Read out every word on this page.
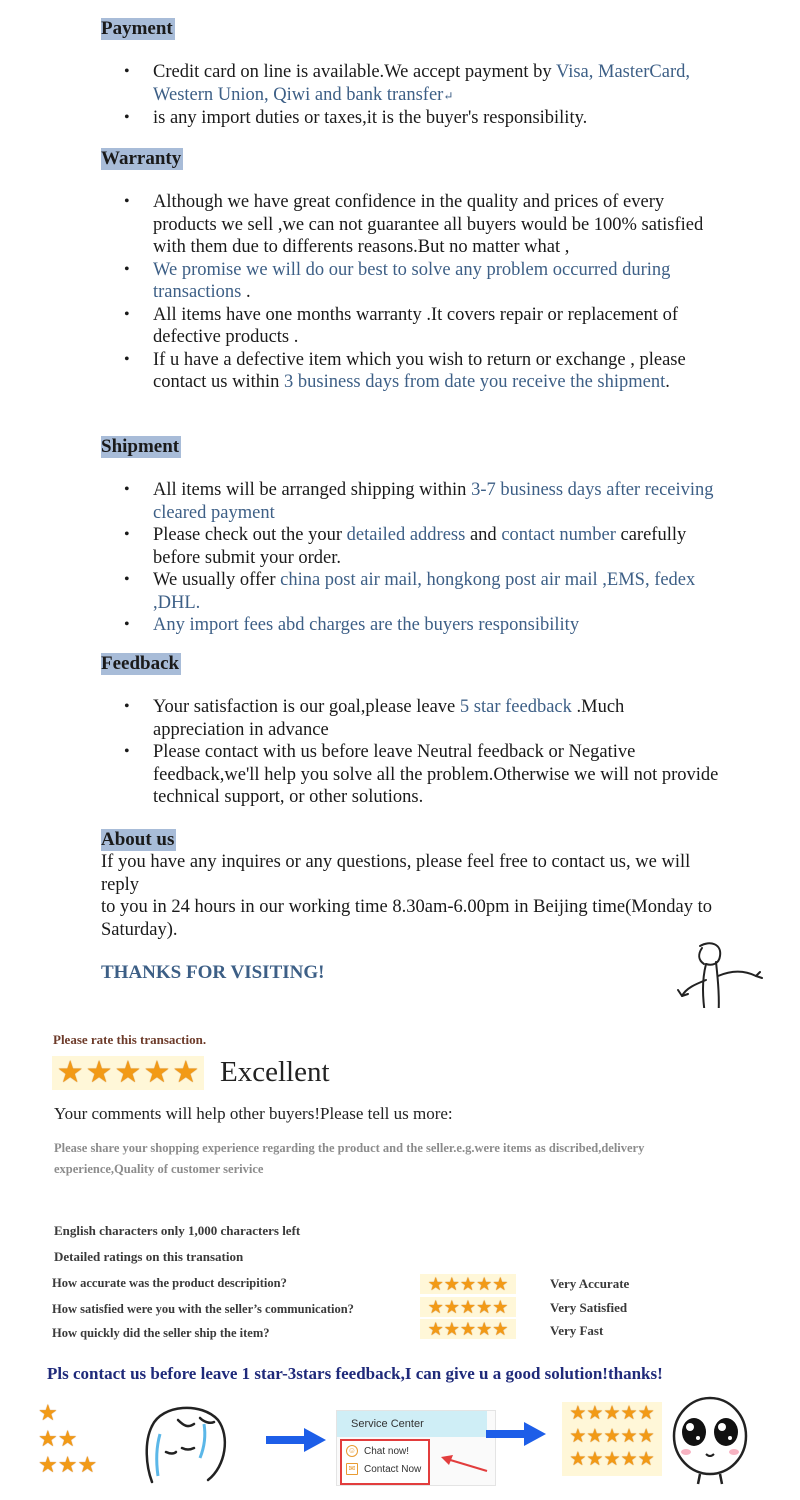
Payment
• Credit card on line is available.We accept payment by Visa, MasterCard, Western Union, Qiwi and bank transfer↵
• is any import duties or taxes,it is the buyer's responsibility.
Warranty
• Although we have great confidence in the quality and prices of every products we sell ,we can not guarantee all buyers would be 100% satisfied with them due to differents reasons.But no matter what ,
• We promise we will do our best to solve any problem occurred during transactions .
• All items have one months warranty .It covers repair or replacement of defective products .
• If u have a defective item which you wish to return or exchange , please contact us within 3 business days from date you receive the shipment.
Shipment
• All items will be arranged shipping within 3-7 business days after receiving cleared payment
• Please check out the your detailed address and contact number carefully before submit your order.
• We usually offer china post air mail, hongkong post air mail ,EMS, fedex ,DHL.
• Any import fees abd charges are the buyers responsibility
Feedback
• Your satisfaction is our goal,please leave 5 star feedback .Much appreciation in advance
• Please contact with us before leave Neutral feedback or Negative feedback,we'll help you solve all the problem.Otherwise we will not provide technical support, or other solutions.
About us
If you have any inquires or any questions, please feel free to contact us, we will reply
to you in 24 hours in our working time 8.30am-6.00pm in Beijing time(Monday to Saturday).
THANKS FOR VISITING!
Please rate this transaction.
★ ★ ★ ★ ★ Excellent
Your comments will help other buyers!Please tell us more:
Please share your shopping experience regarding the product and the seller.e.g.were items as discribed,delivery experience,Quality of customer serivice
English characters only 1,000 characters left
Detailed ratings on this transation
How accurate was the product descripition?	★ ★ ★ ★ ★	Very Accurate
How satisfied were you with the seller’s communication?	★ ★ ★ ★ ★	Very Satisfied
How quickly did the seller ship the item?	★ ★ ★ ★ ★	Very Fast
Pls contact us before leave 1 star-3stars feedback,I can give u a good solution!thanks!
★
★★
★★★
Service Center
☺ Chat now!
✉ Contact Now
★★★★★
★★★★★
★★★★★
